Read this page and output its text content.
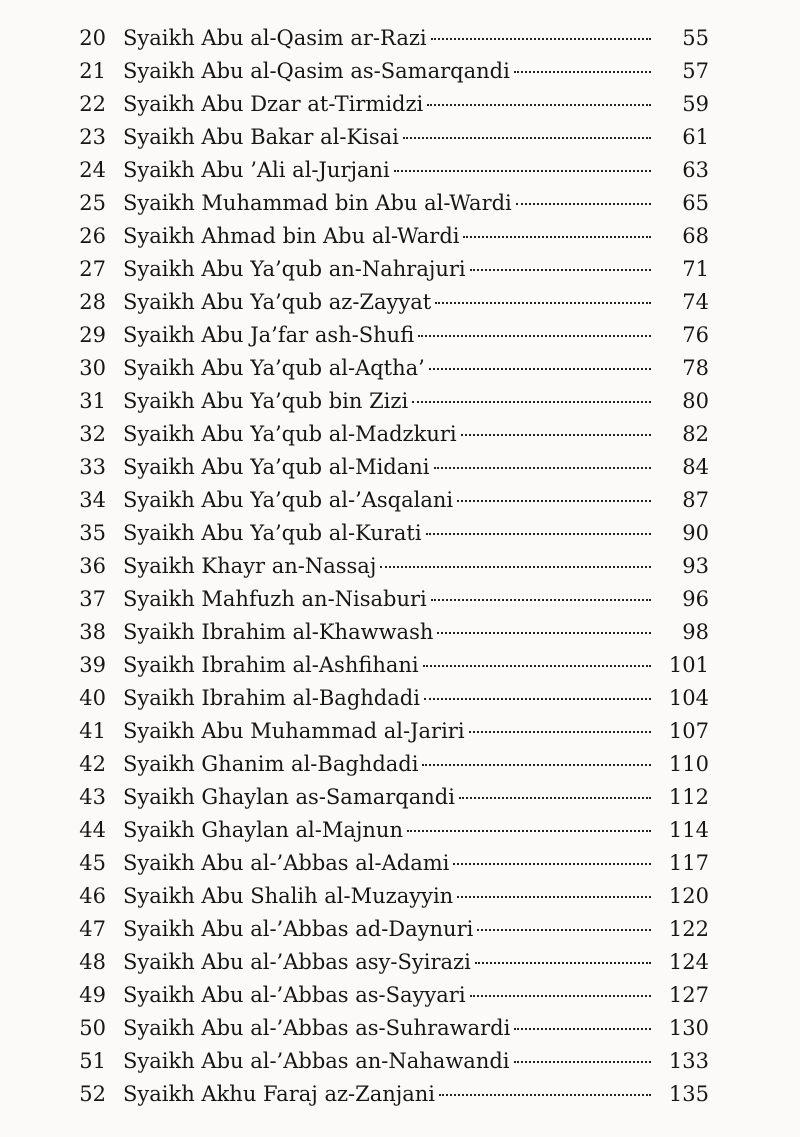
20 Syaikh Abu al-Qasim ar-Razi	55
21 Syaikh Abu al-Qasim as-Samarqandi	57
22 Syaikh Abu Dzar at-Tirmidzi	59
23 Syaikh Abu Bakar al-Kisai	61
24 Syaikh Abu ’Ali al-Jurjani	63
25 Syaikh Muhammad bin Abu al-Wardi	65
26 Syaikh Ahmad bin Abu al-Wardi	68
27 Syaikh Abu Ya’qub an-Nahrajuri	71
28 Syaikh Abu Ya’qub az-Zayyat	74
29 Syaikh Abu Ja’far ash-Shufi	76
30 Syaikh Abu Ya’qub al-Aqtha’	78
31 Syaikh Abu Ya’qub bin Zizi	80
32 Syaikh Abu Ya’qub al-Madzkuri	82
33 Syaikh Abu Ya’qub al-Midani	84
34 Syaikh Abu Ya’qub al-’Asqalani	87
35 Syaikh Abu Ya’qub al-Kurati	90
36 Syaikh Khayr an-Nassaj	93
37 Syaikh Mahfuzh an-Nisaburi	96
38 Syaikh Ibrahim al-Khawwash	98
39 Syaikh Ibrahim al-Ashfihani	101
40 Syaikh Ibrahim al-Baghdadi	104
41 Syaikh Abu Muhammad al-Jariri	107
42 Syaikh Ghanim al-Baghdadi	110
43 Syaikh Ghaylan as-Samarqandi	112
44 Syaikh Ghaylan al-Majnun	114
45 Syaikh Abu al-’Abbas al-Adami	117
46 Syaikh Abu Shalih al-Muzayyin	120
47 Syaikh Abu al-’Abbas ad-Daynuri	122
48 Syaikh Abu al-’Abbas asy-Syirazi	124
49 Syaikh Abu al-’Abbas as-Sayyari	127
50 Syaikh Abu al-’Abbas as-Suhrawardi	130
51 Syaikh Abu al-’Abbas an-Nahawandi	133
52 Syaikh Akhu Faraj az-Zanjani	135
